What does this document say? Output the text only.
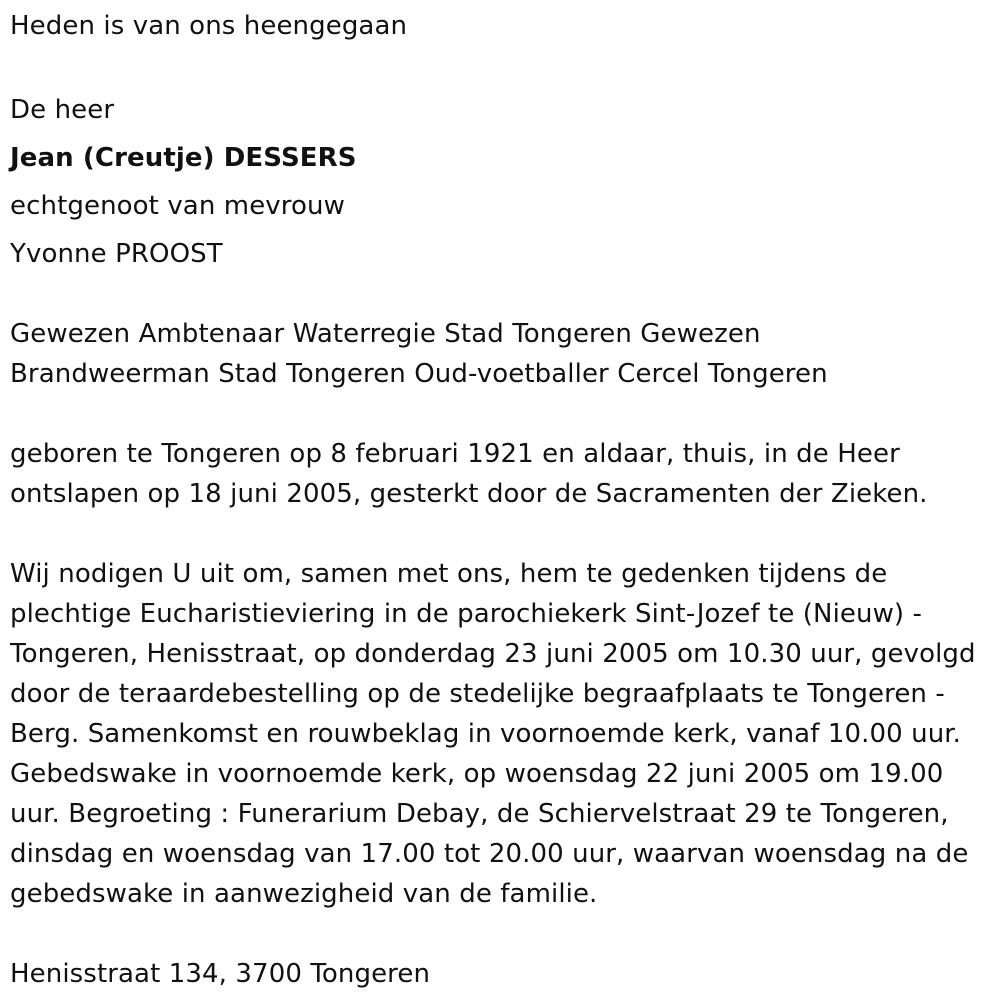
Heden is van ons heengegaan
De heer
Jean (Creutje) DESSERS
echtgenoot van mevrouw
Yvonne PROOST
Gewezen Ambtenaar Waterregie Stad Tongeren Gewezen
Brandweerman Stad Tongeren Oud-voetballer Cercel Tongeren
geboren te Tongeren op 8 februari 1921 en aldaar, thuis, in de Heer
ontslapen op 18 juni 2005, gesterkt door de Sacramenten der Zieken.
Wij nodigen U uit om, samen met ons, hem te gedenken tijdens de
plechtige Eucharistieviering in de parochiekerk Sint-Jozef te (Nieuw) -
Tongeren, Henisstraat, op donderdag 23 juni 2005 om 10.30 uur, gevolgd
door de teraardebestelling op de stedelijke begraafplaats te Tongeren -
Berg. Samenkomst en rouwbeklag in voornoemde kerk, vanaf 10.00 uur.
Gebedswake in voornoemde kerk, op woensdag 22 juni 2005 om 19.00
uur. Begroeting : Funerarium Debay, de Schiervelstraat 29 te Tongeren,
dinsdag en woensdag van 17.00 tot 20.00 uur, waarvan woensdag na de
gebedswake in aanwezigheid van de familie.
Henisstraat 134, 3700 Tongeren
